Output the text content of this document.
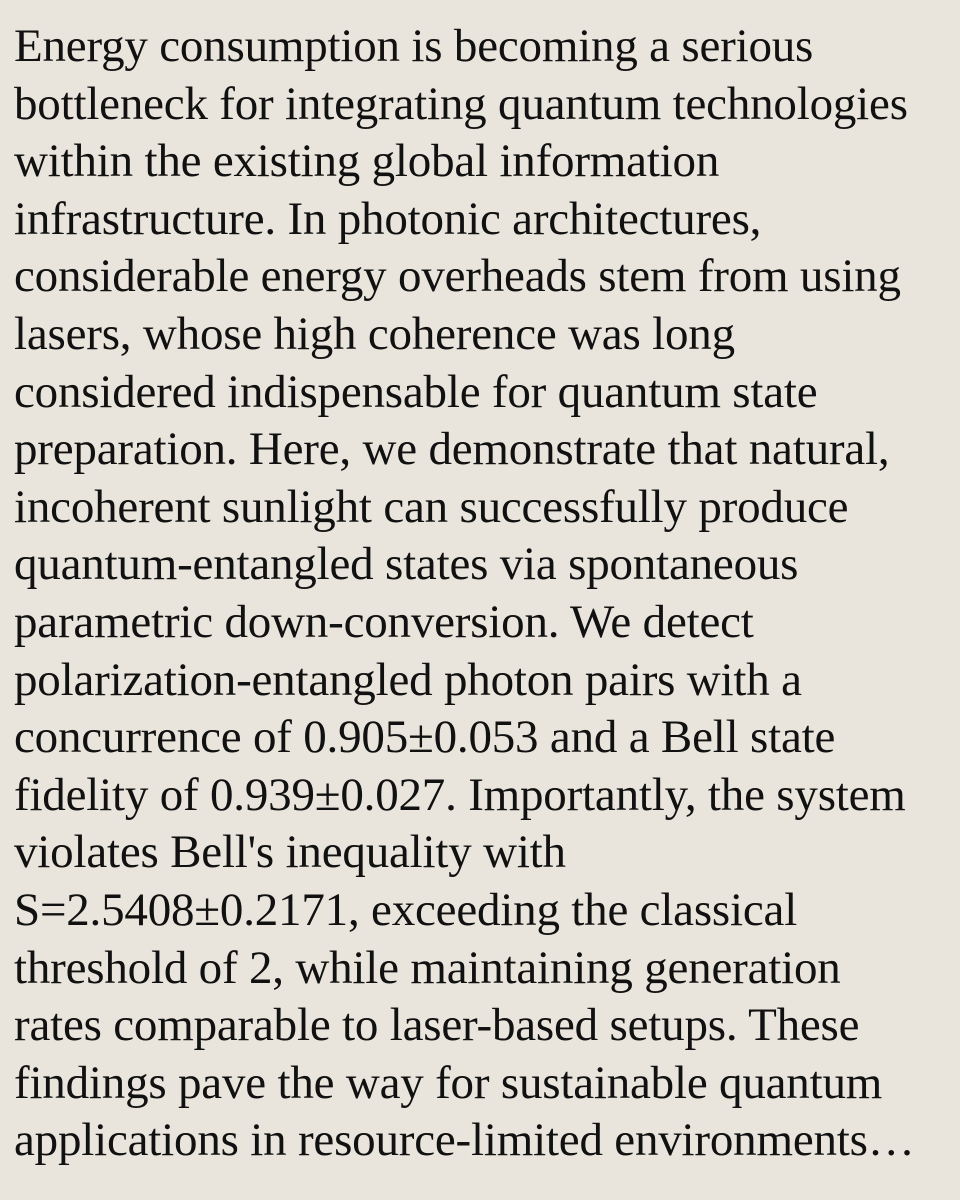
Energy consumption is becoming a serious
bottleneck for integrating quantum technologies
within the existing global information
infrastructure. In photonic architectures,
considerable energy overheads stem from using
lasers, whose high coherence was long
considered indispensable for quantum state
preparation. Here, we demonstrate that natural,
incoherent sunlight can successfully produce
quantum-entangled states via spontaneous
parametric down-conversion. We detect
polarization-entangled photon pairs with a
concurrence of 0.905±0.053 and a Bell state
fidelity of 0.939±0.027. Importantly, the system
violates Bell's inequality with
S=2.5408±0.2171, exceeding the classical
threshold of 2, while maintaining generation
rates comparable to laser-based setups. These
findings pave the way for sustainable quantum
applications in resource-limited environments…
